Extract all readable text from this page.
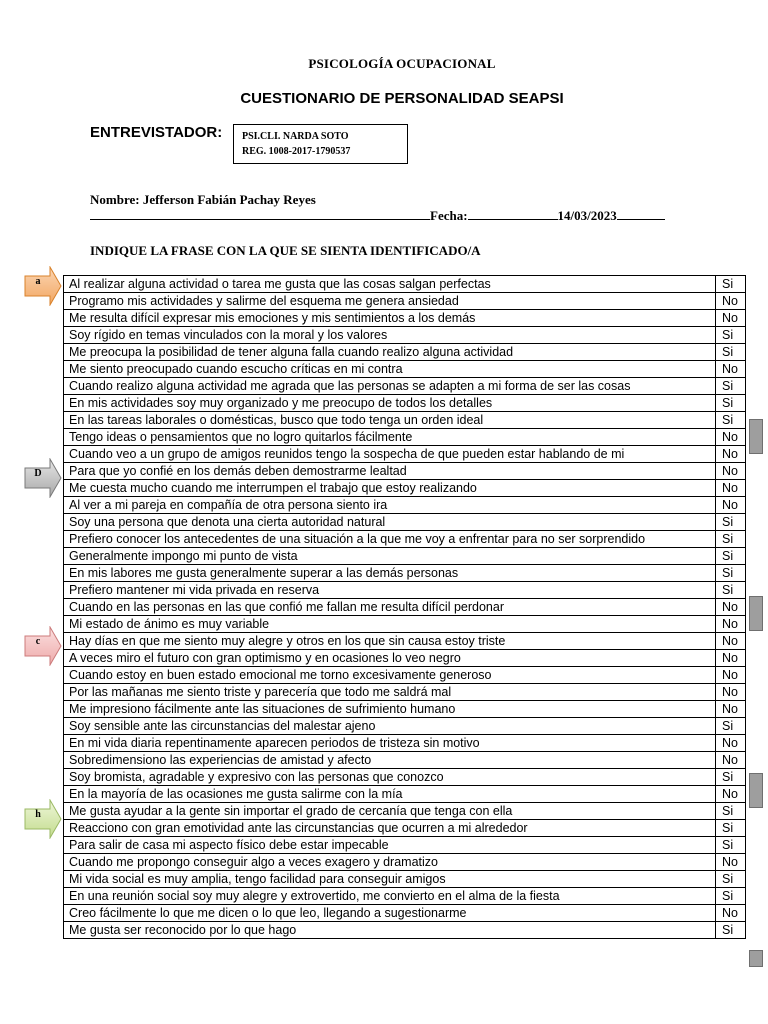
PSICOLOGÍA OCUPACIONAL
CUESTIONARIO DE PERSONALIDAD SEAPSI
ENTREVISTADOR: PSI.CLI. NARDA SOTO
REG. 1008-2017-1790537
Nombre: Jefferson Fabián Pachay Reyes
Fecha:	14/03/2023
INDIQUE LA FRASE CON LA QUE SE SIENTA IDENTIFICADO/A
a
D
c
h
Al realizar alguna actividad o tarea me gusta que las cosas salgan perfectas	Si
Programo mis actividades y salirme del esquema me genera ansiedad	No
Me resulta difícil expresar mis emociones y mis sentimientos a los demás	No
Soy rígido en temas vinculados con la moral y los valores	Si
Me preocupa la posibilidad de tener alguna falla cuando realizo alguna actividad	Si
Me siento preocupado cuando escucho críticas en mi contra	No
Cuando realizo alguna actividad me agrada que las personas se adapten a mi forma de ser las cosas	Si
En mis actividades soy muy organizado y me preocupo de todos los detalles	Si
En las tareas laborales o domésticas, busco que todo tenga un orden ideal	Si
Tengo ideas o pensamientos que no logro quitarlos fácilmente	No
Cuando veo a un grupo de amigos reunidos tengo la sospecha de que pueden estar hablando de mi	No
Para que yo confié en los demás deben demostrarme lealtad	No
Me cuesta mucho cuando me interrumpen el trabajo que estoy realizando	No
Al ver a mi pareja en compañía de otra persona siento ira	No
Soy una persona que denota una cierta autoridad natural	Si
Prefiero conocer los antecedentes de una situación a la que me voy a enfrentar para no ser sorprendido	Si
Generalmente impongo mi punto de vista	Si
En mis labores me gusta generalmente superar a las demás personas	Si
Prefiero mantener mi vida privada en reserva	Si
Cuando en las personas en las que confió me fallan me resulta difícil perdonar	No
Mi estado de ánimo es muy variable	No
Hay días en que me siento muy alegre y otros en los que sin causa estoy triste	No
A veces miro el futuro con gran optimismo y en ocasiones lo veo negro	No
Cuando estoy en buen estado emocional me torno excesivamente generoso	No
Por las mañanas me siento triste y parecería que todo me saldrá mal	No
Me impresiono fácilmente ante las situaciones de sufrimiento humano	No
Soy sensible ante las circunstancias del malestar ajeno	Si
En mi vida diaria repentinamente aparecen periodos de tristeza sin motivo	No
Sobredimensiono las experiencias de amistad y afecto	No
Soy bromista, agradable y expresivo con las personas que conozco	Si
En la mayoría de las ocasiones me gusta salirme con la mía	No
Me gusta ayudar a la gente sin importar el grado de cercanía que tenga con ella	Si
Reacciono con gran emotividad ante las circunstancias que ocurren a mi alrededor	Si
Para salir de casa mi aspecto físico debe estar impecable	Si
Cuando me propongo conseguir algo a veces exagero y dramatizo	No
Mi vida social es muy amplia, tengo facilidad para conseguir amigos	Si
En una reunión social soy muy alegre y extrovertido, me convierto en el alma de la fiesta	Si
Creo fácilmente lo que me dicen o lo que leo, llegando a sugestionarme	No
Me gusta ser reconocido por lo que hago	Si
